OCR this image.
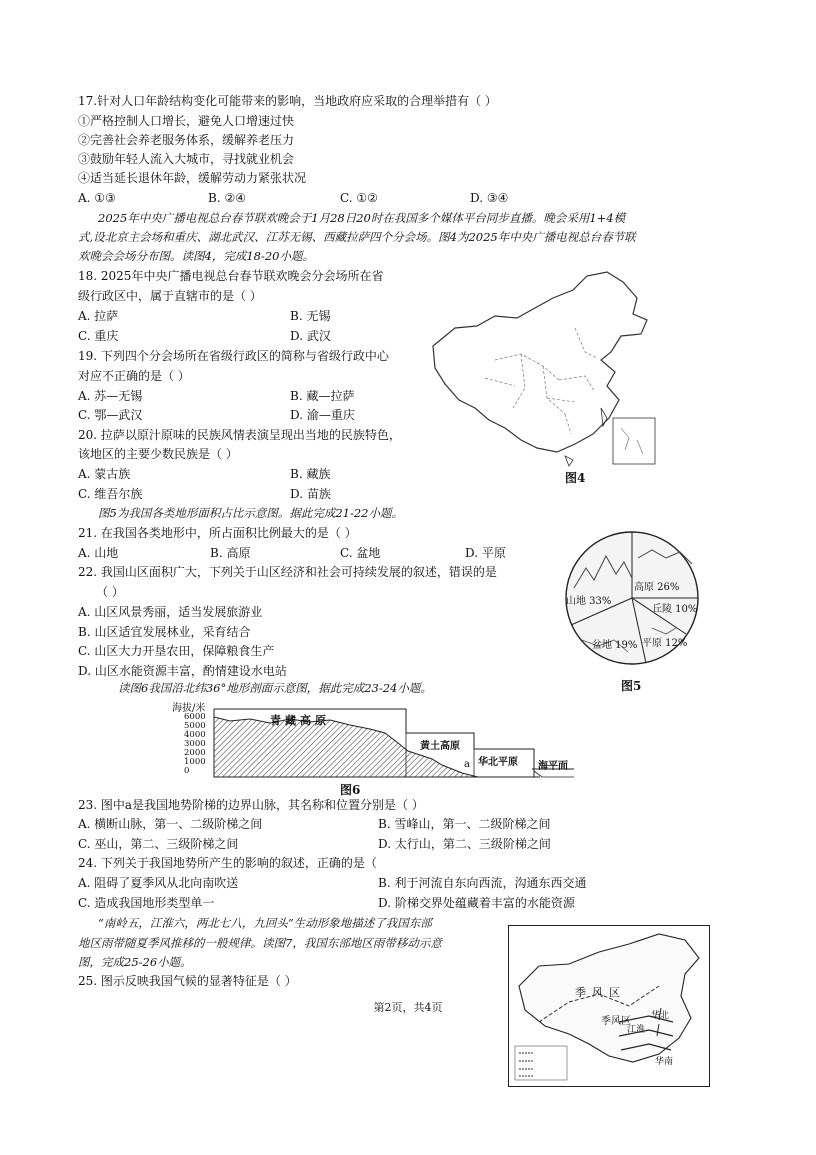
17.针对人口年龄结构变化可能带来的影响，当地政府应采取的合理举措有（ ）
①严格控制人口增长，避免人口增速过快
②完善社会养老服务体系，缓解养老压力
③鼓励年轻人流入大城市，寻找就业机会
④适当延长退休年龄，缓解劳动力紧张状况
A. ①③	B. ②④	C. ①②	D. ③④
2025年中央广播电视总台春节联欢晚会于1月28日20时在我国多个媒体平台同步直播。晚会采用1+4模
式,设北京主会场和重庆、湖北武汉、江苏无锡、西藏拉萨四个分会场。图4为2025年中央广播电视总台春节联
欢晚会会场分布图。读图4，完成18-20小题。
18. 2025年中央广播电视总台春节联欢晚会分会场所在省
级行政区中，属于直辖市的是（ ）
A. 拉萨	B. 无锡
C. 重庆	D. 武汉
19. 下列四个分会场所在省级行政区的简称与省级行政中心
对应不正确的是（ ）
A. 苏—无锡	B. 藏—拉萨
C. 鄂—武汉	D. 渝—重庆
20. 拉萨以原汁原味的民族风情表演呈现出当地的民族特色，
该地区的主要少数民族是（ ）
A. 蒙古族	B. 藏族
C. 维吾尔族	D. 苗族
图4
图5为我国各类地形面积占比示意图。据此完成21-22小题。
21. 在我国各类地形中，所占面积比例最大的是（ ）
A. 山地	B. 高原	C. 盆地	D. 平原
22. 我国山区面积广大，下列关于山区经济和社会可持续发展的叙述，错误的是
（ ）
A. 山区风景秀丽，适当发展旅游业
B. 山区适宜发展林业，采育结合
C. 山区大力开垦农田，保障粮食生产
D. 山区水能资源丰富，酌情建设水电站
高原 26%
山地 33%
丘陵 10%
平原 12%
盆地 19%
图5
读图6我国沿北纬36°地形剖面示意图，据此完成23-24小题。
海拔/米
6000
5000
4000
3000
2000
1000
0
青藏高原
黄土高原
华北平原 海平面
a
图6
23. 图中a是我国地势阶梯的边界山脉，其名称和位置分别是（ ）
A. 横断山脉，第一、二级阶梯之间	B. 雪峰山，第一、二级阶梯之间
C. 巫山，第二、三级阶梯之间	D. 太行山，第二、三级阶梯之间
24. 下列关于我国地势所产生的影响的叙述，正确的是（
A. 阻碍了夏季风从北向南吹送	B. 利于河流自东向西流，沟通东西交通
C. 造成我国地形类型单一	D. 阶梯交界处蕴藏着丰富的水能资源
“南岭五，江淮六，两北七八，九回头”生动形象地描述了我国东部
地区雨带随夏季风推移的一般规律。读图7，我国东部地区雨带移动示意
图，完成25-26小题。
25. 图示反映我国气候的显著特征是（ ）
季风区
季风区
江淮
华北
华南
第2页，共4页
